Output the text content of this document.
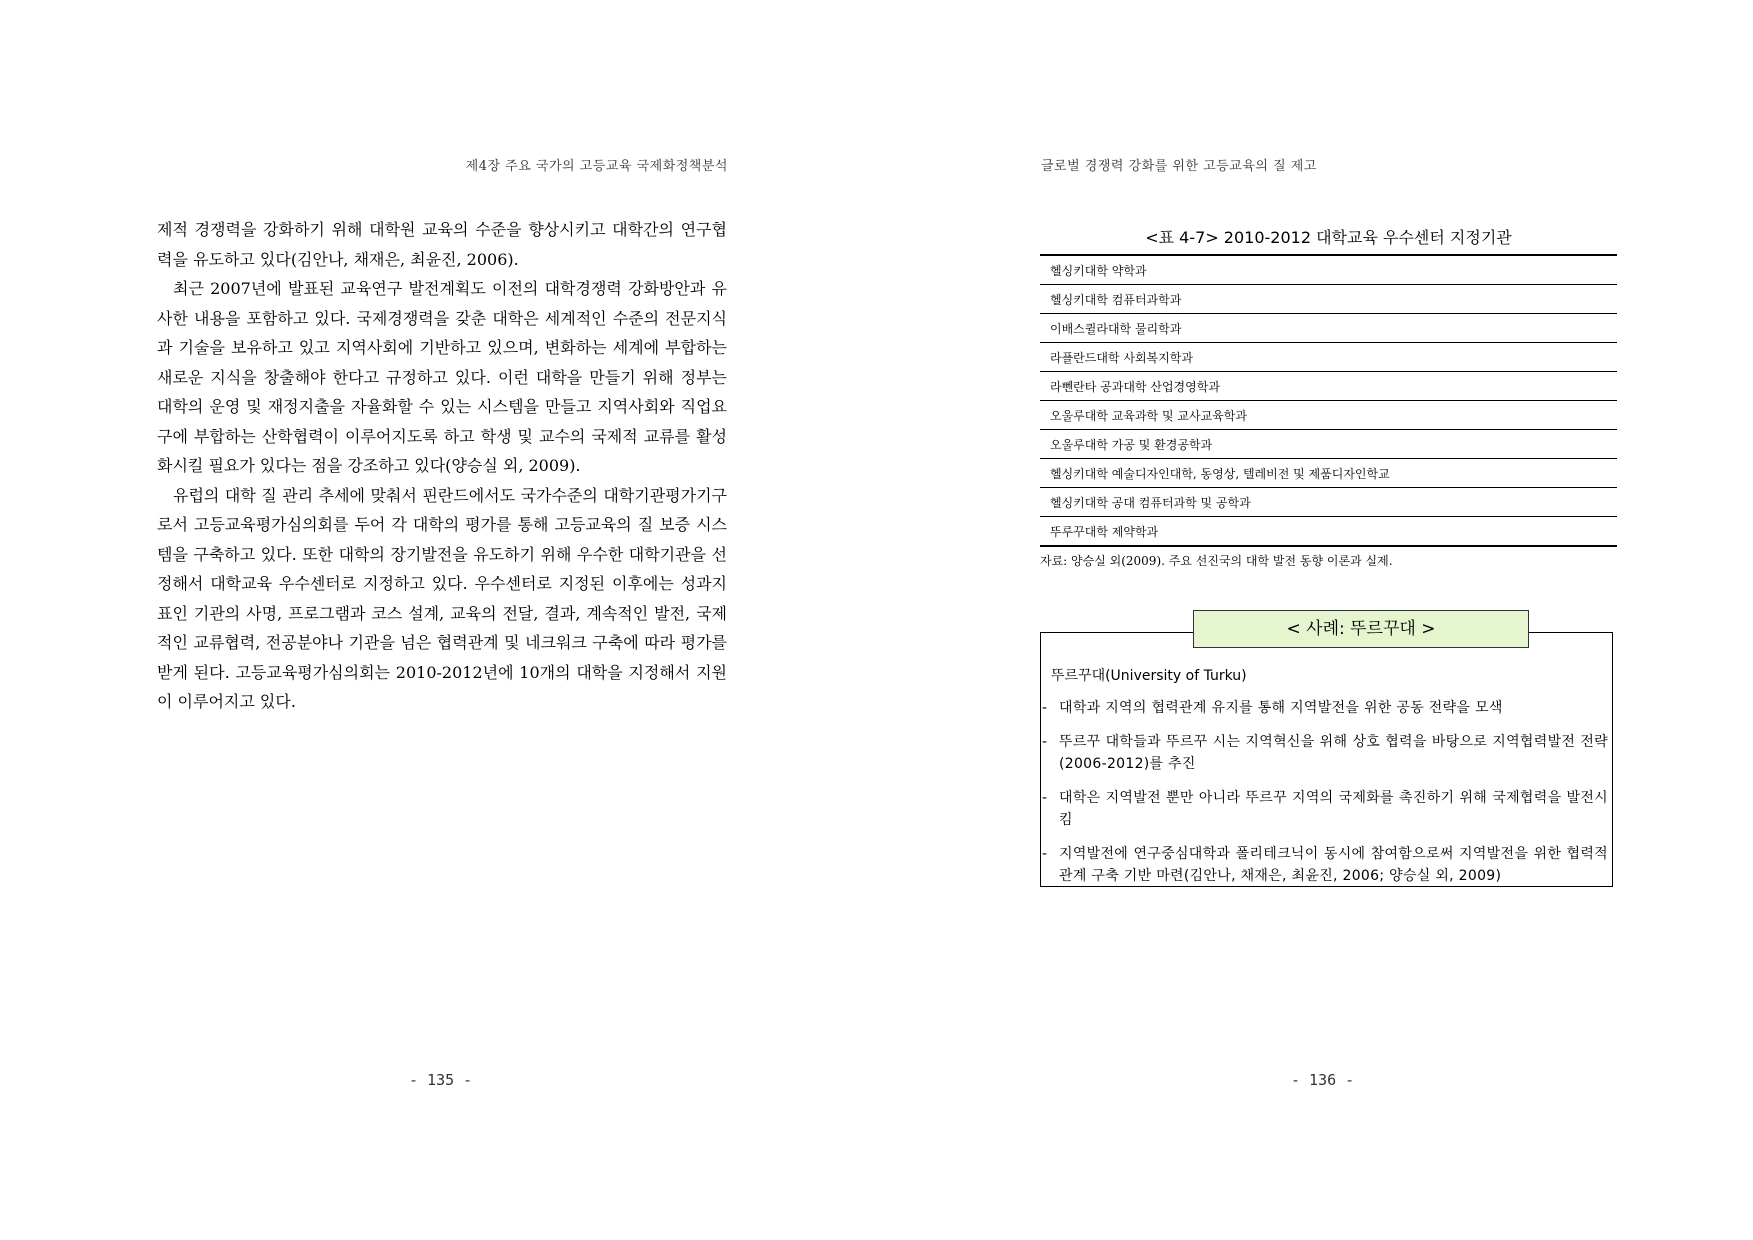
제4장 주요 국가의 고등교육 국제화정책분석

제적 경쟁력을 강화하기 위해 대학원 교육의 수준을 향상시키고 대학간의 연구협력을 유도하고 있다(김안나, 채재은, 최윤진, 2006).

최근 2007년에 발표된 교육연구 발전계획도 이전의 대학경쟁력 강화방안과 유사한 내용을 포함하고 있다. 국제경쟁력을 갖춘 대학은 세계적인 수준의 전문지식과 기술을 보유하고 있고 지역사회에 기반하고 있으며, 변화하는 세계에 부합하는 새로운 지식을 창출해야 한다고 규정하고 있다. 이런 대학을 만들기 위해 정부는 대학의 운영 및 재정지출을 자율화할 수 있는 시스템을 만들고 지역사회와 직업요구에 부합하는 산학협력이 이루어지도록 하고 학생 및 교수의 국제적 교류를 활성화시킬 필요가 있다는 점을 강조하고 있다(양승실 외, 2009).

유럽의 대학 질 관리 추세에 맞춰서 핀란드에서도 국가수준의 대학기관평가기구로서 고등교육평가심의회를 두어 각 대학의 평가를 통해 고등교육의 질 보증 시스템을 구축하고 있다. 또한 대학의 장기발전을 유도하기 위해 우수한 대학기관을 선정해서 대학교육 우수센터로 지정하고 있다. 우수센터로 지정된 이후에는 성과지표인 기관의 사명, 프로그램과 코스 설계, 교육의 전달, 결과, 계속적인 발전, 국제적인 교류협력, 전공분야나 기관을 넘은 협력관계 및 네크워크 구축에 따라 평가를 받게 된다. 고등교육평가심의회는 2010-2012년에 10개의 대학을 지정해서 지원이 이루어지고 있다.

- 135 -
글로벌 경쟁력 강화를 위한 고등교육의 질 제고
<표 4-7> 2010-2012 대학교육 우수센터 지정기관
헬싱키대학 약학과
헬싱키대학 컴퓨터과학과
이배스퀼라대학 물리학과
라플란드대학 사회복지학과
라뻰란타 공과대학 산업경영학과
오울루대학 교육과학 및 교사교육학과
오울루대학 가공 및 환경공학과
헬싱키대학 예술디자인대학, 동영상, 텔레비전 및 제품디자인학교
헬싱키대학 공대 컴퓨터과학 및 공학과
뚜루꾸대학 제약학과
자료: 양승실 외(2009). 주요 선진국의 대학 발전 동향 이론과 실제.
뚜르꾸대(University of Turku)
- 대학과 지역의 협력관계 유지를 통해 지역발전을 위한 공동 전략을 모색
- 뚜르꾸 대학들과 뚜르꾸 시는 지역혁신을 위해 상호 협력을 바탕으로 지역협력발전 전략(2006-2012)를 추진
- 대학은 지역발전 뿐만 아니라 뚜르꾸 지역의 국제화를 촉진하기 위해 국제협력을 발전시킴
- 지역발전에 연구중심대학과 폴리테크닉이 동시에 참여함으로써 지역발전을 위한 협력적 관계 구축 기반 마련(김안나, 채재은, 최윤진, 2006; 양승실 외, 2009)
< 사례: 뚜르꾸대 >
- 136 -
